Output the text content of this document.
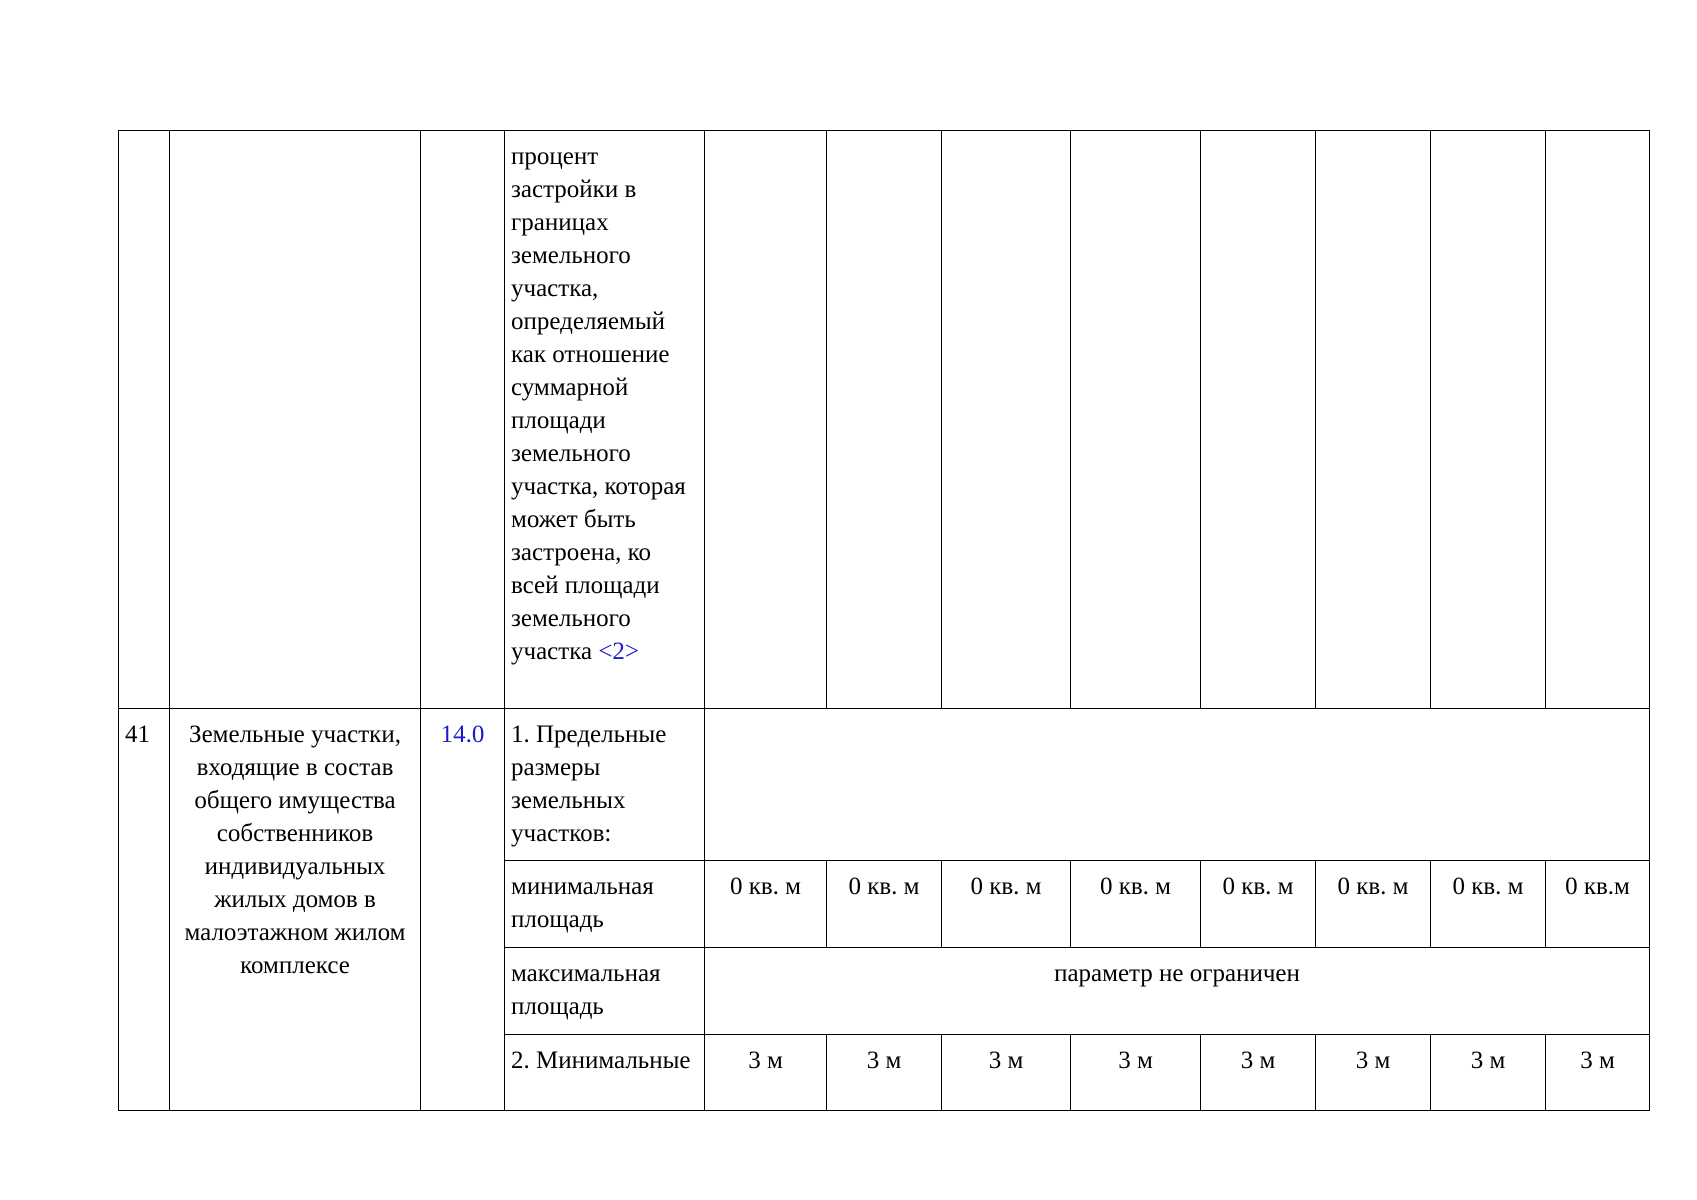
			процент застройки в границах земельного участка, определяемый как отношение суммарной площади земельного участка, которая может быть застроена, ко всей площади земельного участка <2>								
41	Земельные участки, входящие в состав общего имущества собственников индивидуальных жилых домов в малоэтажном жилом комплексе	14.0	1. Предельные размеры земельных участков:								
			минимальная площадь	0 кв. м	0 кв. м	0 кв. м	0 кв. м	0 кв. м	0 кв. м	0 кв. м	0 кв.м
			максимальная площадь	параметр не ограничен							
			2. Минимальные	3 м	3 м	3 м	3 м	3 м	3 м	3 м	3 м
